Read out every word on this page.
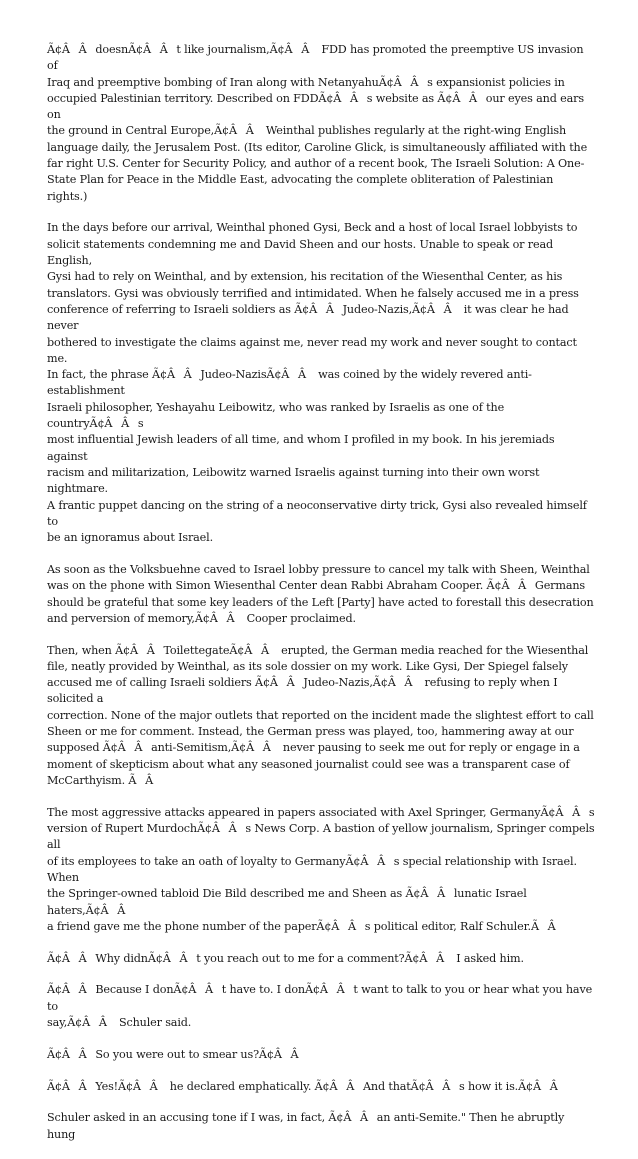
Ã¢ÂÂdoesnÃ¢ÂÂt like journalism,Ã¢ÂÂ FDD has promoted the preemptive US invasion of
Iraq and preemptive bombing of Iran along with NetanyahuÃ¢ÂÂs expansionist policies in
occupied Palestinian territory. Described on FDDÃ¢ÂÂs website as Ã¢ÂÂour eyes and ears on
the ground in Central Europe,Ã¢ÂÂ Weinthal publishes regularly at the right-wing English
language daily, the Jerusalem Post. (Its editor, Caroline Glick, is simultaneously affiliated with the
far right U.S. Center for Security Policy, and author of a recent book, The Israeli Solution: A One-
State Plan for Peace in the Middle East, advocating the complete obliteration of Palestinian rights.)

In the days before our arrival, Weinthal phoned Gysi, Beck and a host of local Israel lobbyists to
solicit statements condemning me and David Sheen and our hosts. Unable to speak or read English,
Gysi had to rely on Weinthal, and by extension, his recitation of the Wiesenthal Center, as his
translators. Gysi was obviously terrified and intimidated. When he falsely accused me in a press
conference of referring to Israeli soldiers as Ã¢ÂÂJudeo-Nazis,Ã¢ÂÂ it was clear he had never
bothered to investigate the claims against me, never read my work and never sought to contact me.
In fact, the phrase Ã¢ÂÂJudeo-NazisÃ¢ÂÂ was coined by the widely revered anti-establishment
Israeli philosopher, Yeshayahu Leibowitz, who was ranked by Israelis as one of the countryÃ¢ÂÂs
most influential Jewish leaders of all time, and whom I profiled in my book. In his jeremiads against
racism and militarization, Leibowitz warned Israelis against turning into their own worst nightmare.
A frantic puppet dancing on the string of a neoconservative dirty trick, Gysi also revealed himself to
be an ignoramus about Israel.

As soon as the Volksbuehne caved to Israel lobby pressure to cancel my talk with Sheen, Weinthal
was on the phone with Simon Wiesenthal Center dean Rabbi Abraham Cooper. Ã¢ÂÂGermans
should be grateful that some key leaders of the Left [Party] have acted to forestall this desecration
and perversion of memory,Ã¢ÂÂ Cooper proclaimed.

Then, when Ã¢ÂÂToilettegateÃ¢ÂÂ erupted, the German media reached for the Wiesenthal
file, neatly provided by Weinthal, as its sole dossier on my work. Like Gysi, Der Spiegel falsely
accused me of calling Israeli soldiers Ã¢ÂÂJudeo-Nazis,Ã¢ÂÂ refusing to reply when I solicited a
correction. None of the major outlets that reported on the incident made the slightest effort to call
Sheen or me for comment. Instead, the German press was played, too, hammering away at our
supposed Ã¢ÂÂanti-Semitism,Ã¢ÂÂ never pausing to seek me out for reply or engage in a
moment of skepticism about what any seasoned journalist could see was a transparent case of
McCarthyism. ÃÂ

The most aggressive attacks appeared in papers associated with Axel Springer, GermanyÃ¢ÂÂs
version of Rupert MurdochÃ¢ÂÂs News Corp. A bastion of yellow journalism, Springer compels all
of its employees to take an oath of loyalty to GermanyÃ¢ÂÂs special relationship with Israel. When
the Springer-owned tabloid Die Bild described me and Sheen as Ã¢ÂÂlunatic Israel haters,Ã¢ÂÂ
a friend gave me the phone number of the paperÃ¢ÂÂs political editor, Ralf Schuler.ÃÂ

Ã¢ÂÂWhy didnÃ¢ÂÂt you reach out to me for a comment?Ã¢ÂÂ I asked him.

Ã¢ÂÂBecause I donÃ¢ÂÂt have to. I donÃ¢ÂÂt want to talk to you or hear what you have to
say,Ã¢ÂÂ Schuler said.

Ã¢ÂÂSo you were out to smear us?Ã¢ÂÂ

Ã¢ÂÂYes!Ã¢ÂÂ he declared emphatically. Ã¢ÂÂAnd thatÃ¢ÂÂs how it is.Ã¢ÂÂ

Schuler asked in an accusing tone if I was, in fact, Ã¢ÂÂan anti-Semite." Then he abruptly hung
